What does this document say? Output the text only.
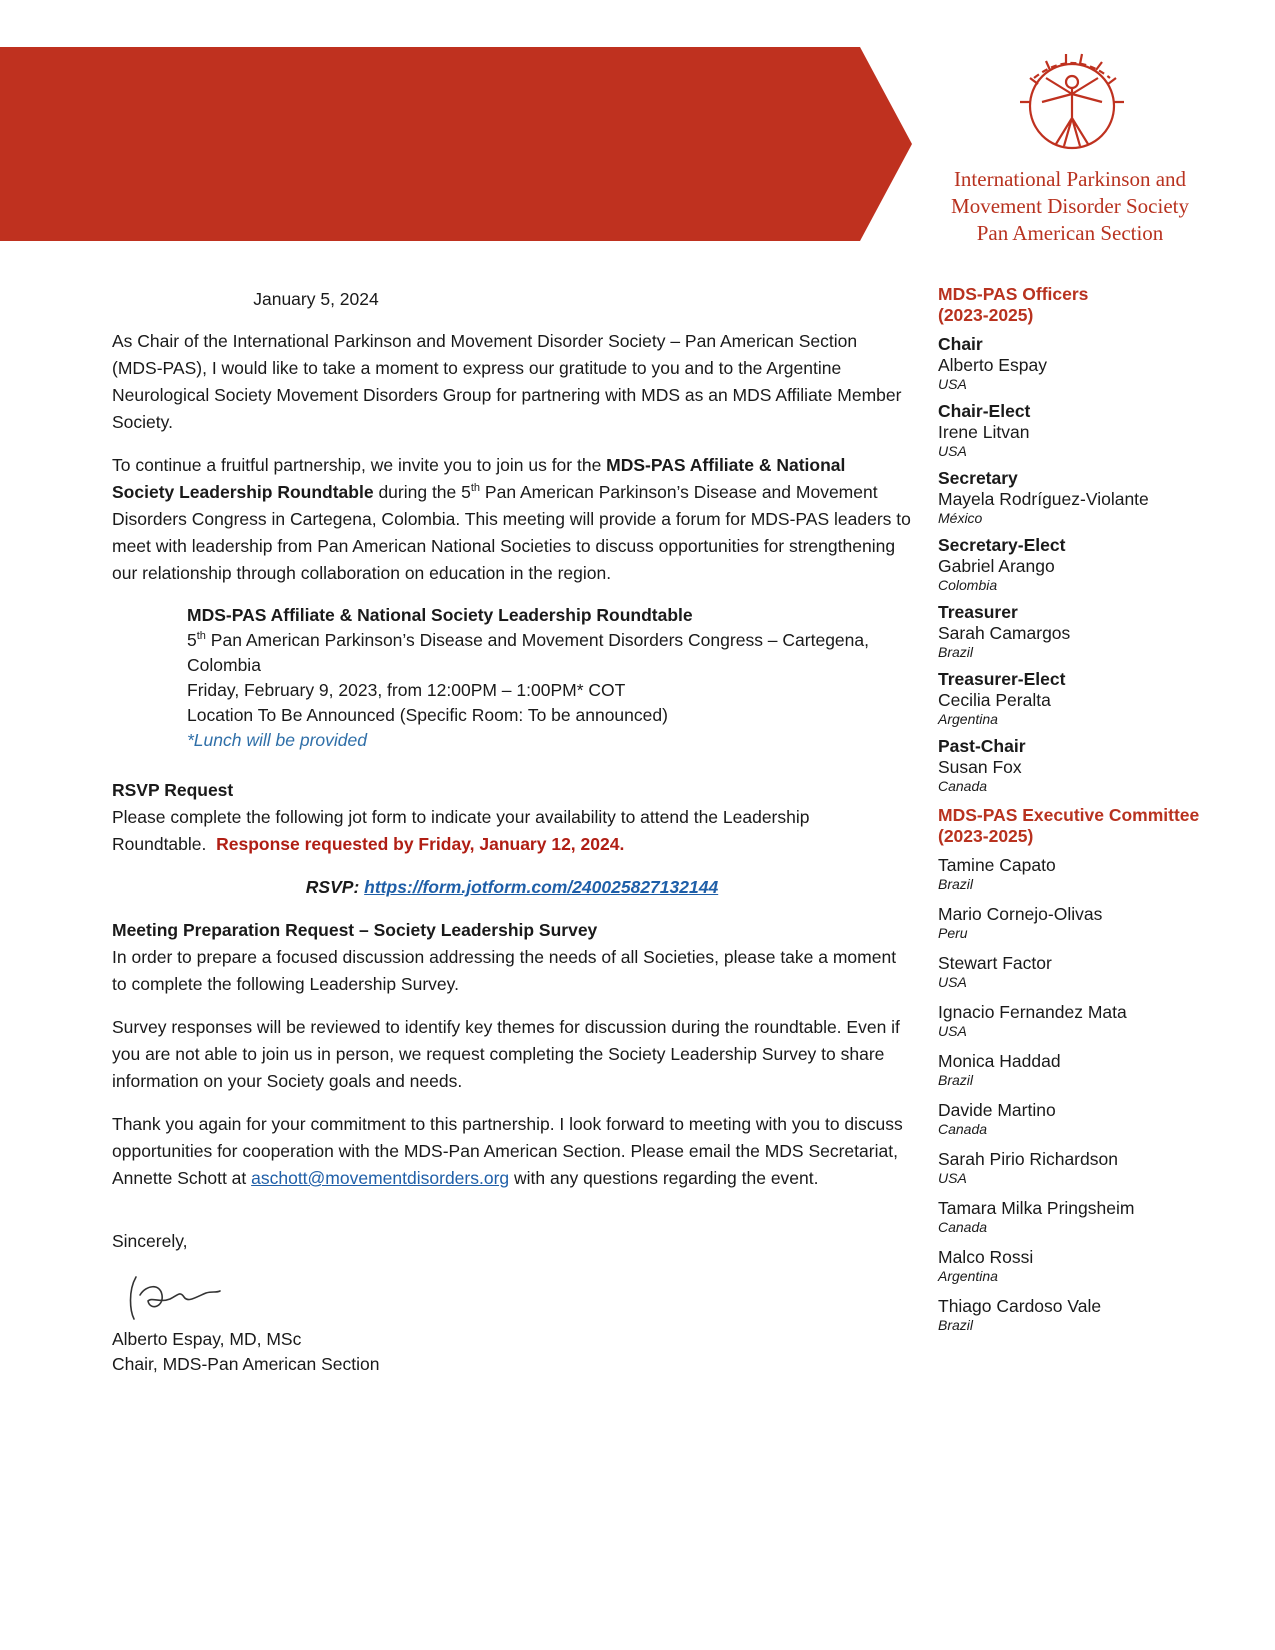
International Parkinson and
Movement Disorder Society
Pan American Section
January 5, 2024

As Chair of the International Parkinson and Movement Disorder Society – Pan American Section (MDS-PAS), I would like to take a moment to express our gratitude to you and to the Argentine Neurological Society Movement Disorders Group for partnering with MDS as an MDS Affiliate Member Society.

To continue a fruitful partnership, we invite you to join us for the MDS-PAS Affiliate & National Society Leadership Roundtable during the 5th Pan American Parkinson’s Disease and Movement Disorders Congress in Cartegena, Colombia. This meeting will provide a forum for MDS-PAS leaders to meet with leadership from Pan American National Societies to discuss opportunities for strengthening our relationship through collaboration on education in the region.

MDS-PAS Affiliate & National Society Leadership Roundtable
5th Pan American Parkinson’s Disease and Movement Disorders Congress – Cartegena, Colombia
Friday, February 9, 2023, from 12:00PM – 1:00PM* COT
Location To Be Announced (Specific Room: To be announced)
*Lunch will be provided
RSVP Request

Please complete the following jot form to indicate your availability to attend the Leadership Roundtable. Response requested by Friday, January 12, 2024.

RSVP: https://form.jotform.com/240025827132144
Meeting Preparation Request – Society Leadership Survey

In order to prepare a focused discussion addressing the needs of all Societies, please take a moment to complete the following Leadership Survey.

Survey responses will be reviewed to identify key themes for discussion during the roundtable. Even if you are not able to join us in person, we request completing the Society Leadership Survey to share information on your Society goals and needs.

Thank you again for your commitment to this partnership. I look forward to meeting with you to discuss opportunities for cooperation with the MDS-Pan American Section. Please email the MDS Secretariat, Annette Schott at aschott@movementdisorders.org with any questions regarding the event.

Sincerely,
Alberto Espay, MD, MSc
Chair, MDS-Pan American Section
MDS-PAS Officers
(2023-2025)
Chair
Alberto Espay
USA
Chair-Elect
Irene Litvan
USA
Secretary
Mayela Rodríguez-Violante
México
Secretary-Elect
Gabriel Arango
Colombia
Treasurer
Sarah Camargos
Brazil
Treasurer-Elect
Cecilia Peralta
Argentina
Past-Chair
Susan Fox
Canada
MDS-PAS Executive Committee
(2023-2025)
Tamine Capato
Brazil
Mario Cornejo-Olivas
Peru
Stewart Factor
USA
Ignacio Fernandez Mata
USA
Monica Haddad
Brazil
Davide Martino
Canada
Sarah Pirio Richardson
USA
Tamara Milka Pringsheim
Canada
Malco Rossi
Argentina
Thiago Cardoso Vale
Brazil
